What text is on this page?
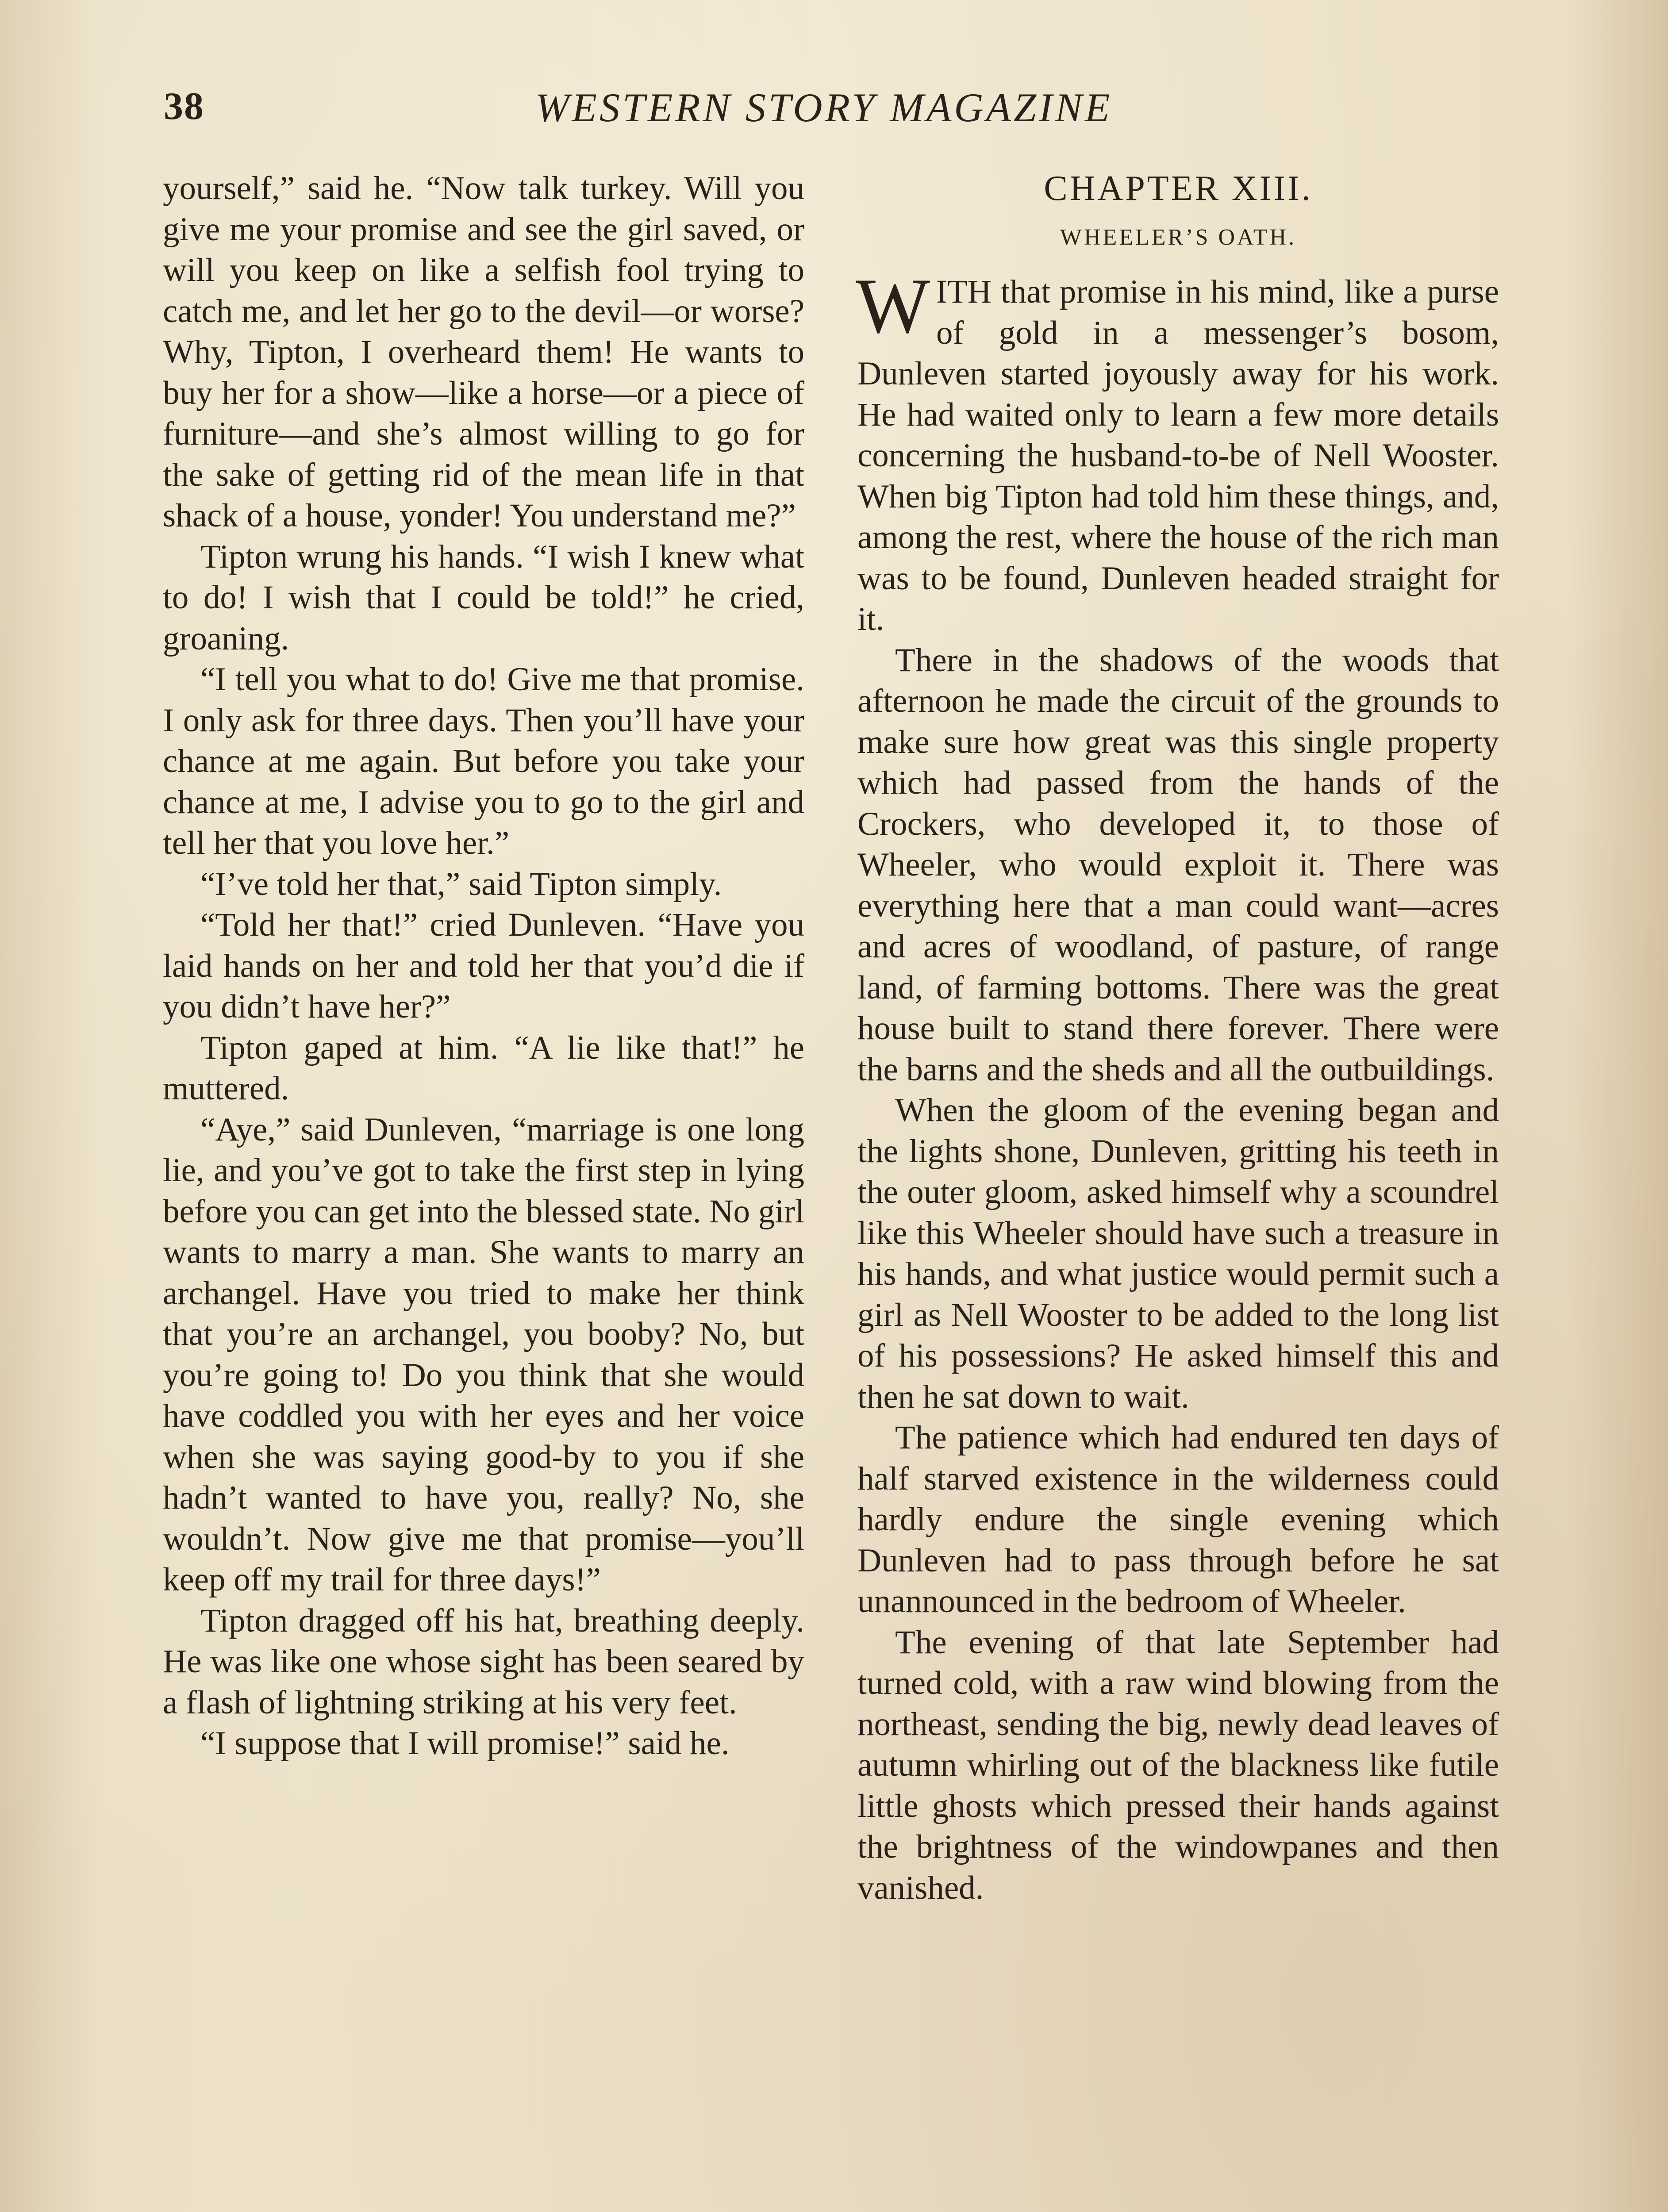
38	WESTERN STORY MAGAZINE

yourself,” said he. “Now talk turkey. Will you give me your promise and see the girl saved, or will you keep on like a selfish fool trying to catch me, and let her go to the devil—or worse? Why, Tipton, I overheard them! He wants to buy her for a show—like a horse—or a piece of furniture—and she’s almost willing to go for the sake of getting rid of the mean life in that shack of a house, yonder! You understand me?”

Tipton wrung his hands. “I wish I knew what to do! I wish that I could be told!” he cried, groaning.

“I tell you what to do! Give me that promise. I only ask for three days. Then you’ll have your chance at me again. But before you take your chance at me, I advise you to go to the girl and tell her that you love her.”

“I’ve told her that,” said Tipton simply.

“Told her that!” cried Dunleven. “Have you laid hands on her and told her that you’d die if you didn’t have her?”

Tipton gaped at him. “A lie like that!” he muttered.

“Aye,” said Dunleven, “marriage is one long lie, and you’ve got to take the first step in lying before you can get into the blessed state. No girl wants to marry a man. She wants to marry an archangel. Have you tried to make her think that you’re an archangel, you booby? No, but you’re going to! Do you think that she would have coddled you with her eyes and her voice when she was saying good-by to you if she hadn’t wanted to have you, really? No, she wouldn’t. Now give me that promise—you’ll keep off my trail for three days!”

Tipton dragged off his hat, breathing deeply. He was like one whose sight has been seared by a flash of lightning striking at his very feet.

“I suppose that I will promise!” said he.

CHAPTER XIII.
WHEELER’S OATH.

WITH that promise in his mind, like a purse of gold in a messenger’s bosom, Dunleven started joyously away for his work. He had waited only to learn a few more details concerning the husband-to-be of Nell Wooster. When big Tipton had told him these things, and, among the rest, where the house of the rich man was to be found, Dunleven headed straight for it.

There in the shadows of the woods that afternoon he made the circuit of the grounds to make sure how great was this single property which had passed from the hands of the Crockers, who developed it, to those of Wheeler, who would exploit it. There was everything here that a man could want—acres and acres of woodland, of pasture, of range land, of farming bottoms. There was the great house built to stand there forever. There were the barns and the sheds and all the outbuildings.

When the gloom of the evening began and the lights shone, Dunleven, gritting his teeth in the outer gloom, asked himself why a scoundrel like this Wheeler should have such a treasure in his hands, and what justice would permit such a girl as Nell Wooster to be added to the long list of his possessions? He asked himself this and then he sat down to wait.

The patience which had endured ten days of half starved existence in the wilderness could hardly endure the single evening which Dunleven had to pass through before he sat unannounced in the bedroom of Wheeler.

The evening of that late September had turned cold, with a raw wind blowing from the northeast, sending the big, newly dead leaves of autumn whirling out of the blackness like futile little ghosts which pressed their hands against the brightness of the windowpanes and then vanished.
